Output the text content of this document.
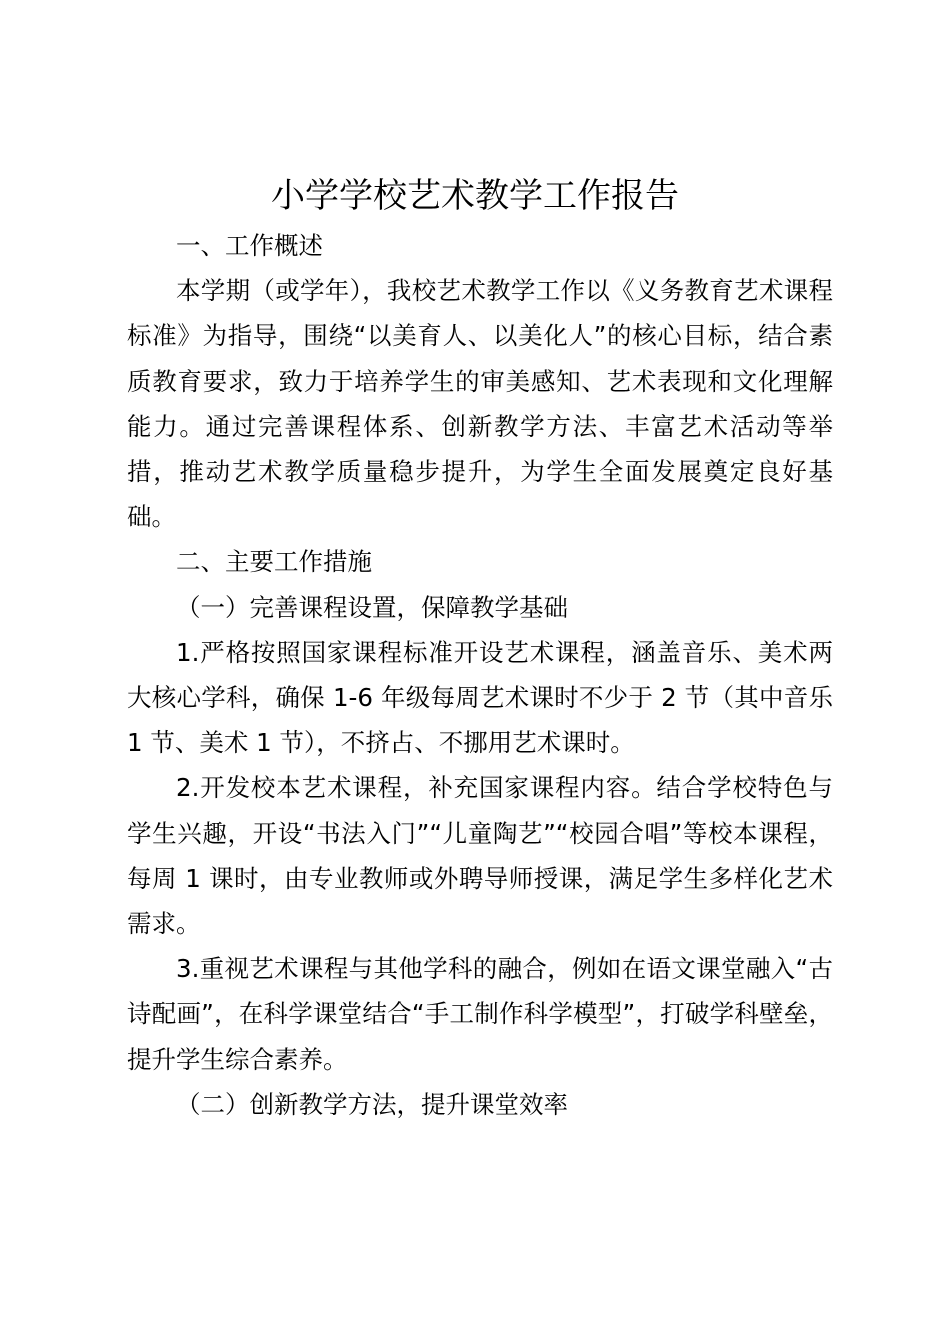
小学学校艺术教学工作报告

一、工作概述

本学期（或学年），我校艺术教学工作以《义务教育艺术课程标准》为指导，围绕“以美育人、以美化人”的核心目标，结合素质教育要求，致力于培养学生的审美感知、艺术表现和文化理解能力。通过完善课程体系、创新教学方法、丰富艺术活动等举措，推动艺术教学质量稳步提升，为学生全面发展奠定良好基础。

二、主要工作措施

（一）完善课程设置，保障教学基础

1.严格按照国家课程标准开设艺术课程，涵盖音乐、美术两大核心学科，确保 1-6 年级每周艺术课时不少于 2 节（其中音乐 1 节、美术 1 节），不挤占、不挪用艺术课时。

2.开发校本艺术课程，补充国家课程内容。结合学校特色与学生兴趣，开设“书法入门”“儿童陶艺”“校园合唱”等校本课程，每周 1 课时，由专业教师或外聘导师授课，满足学生多样化艺术需求。

3.重视艺术课程与其他学科的融合，例如在语文课堂融入“古诗配画”，在科学课堂结合“手工制作科学模型”，打破学科壁垒，提升学生综合素养。

（二）创新教学方法，提升课堂效率
